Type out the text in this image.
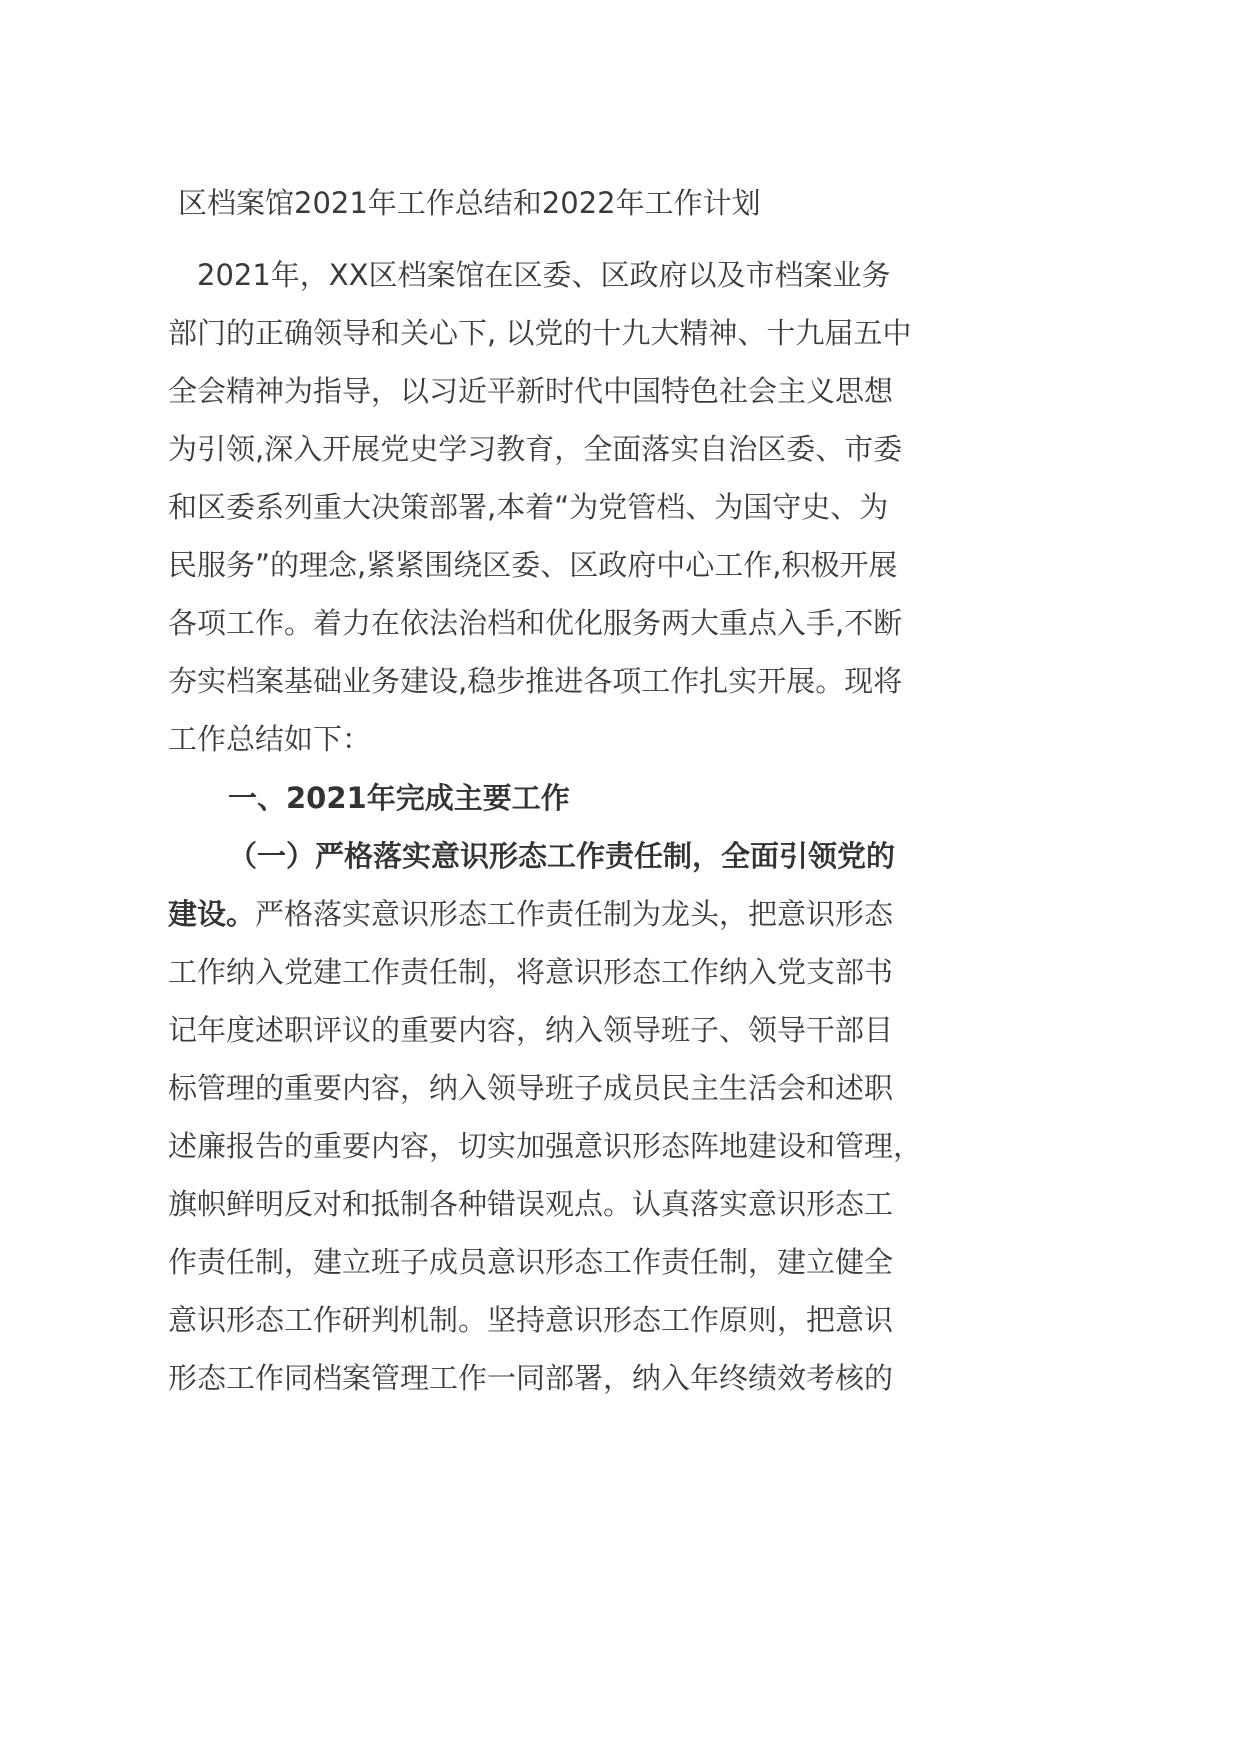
区档案馆2021年工作总结和2022年工作计划
　2021年，XX区档案馆在区委、区政府以及市档案业务
部门的正确领导和关心下, 以党的十九大精神、十九届五中
全会精神为指导，以习近平新时代中国特色社会主义思想
为引领,深入开展党史学习教育，全面落实自治区委、市委
和区委系列重大决策部署,本着“为党管档、为国守史、为
民服务”的理念,紧紧围绕区委、区政府中心工作,积极开展
各项工作。着力在依法治档和优化服务两大重点入手,不断
夯实档案基础业务建设,稳步推进各项工作扎实开展。现将
工作总结如下：
一、2021年完成主要工作
（一）严格落实意识形态工作责任制，全面引领党的
建设。严格落实意识形态工作责任制为龙头，把意识形态
工作纳入党建工作责任制，将意识形态工作纳入党支部书
记年度述职评议的重要内容，纳入领导班子、领导干部目
标管理的重要内容，纳入领导班子成员民主生活会和述职
述廉报告的重要内容，切实加强意识形态阵地建设和管理，
旗帜鲜明反对和抵制各种错误观点。认真落实意识形态工
作责任制，建立班子成员意识形态工作责任制，建立健全
意识形态工作研判机制。坚持意识形态工作原则，把意识
形态工作同档案管理工作一同部署，纳入年终绩效考核的
